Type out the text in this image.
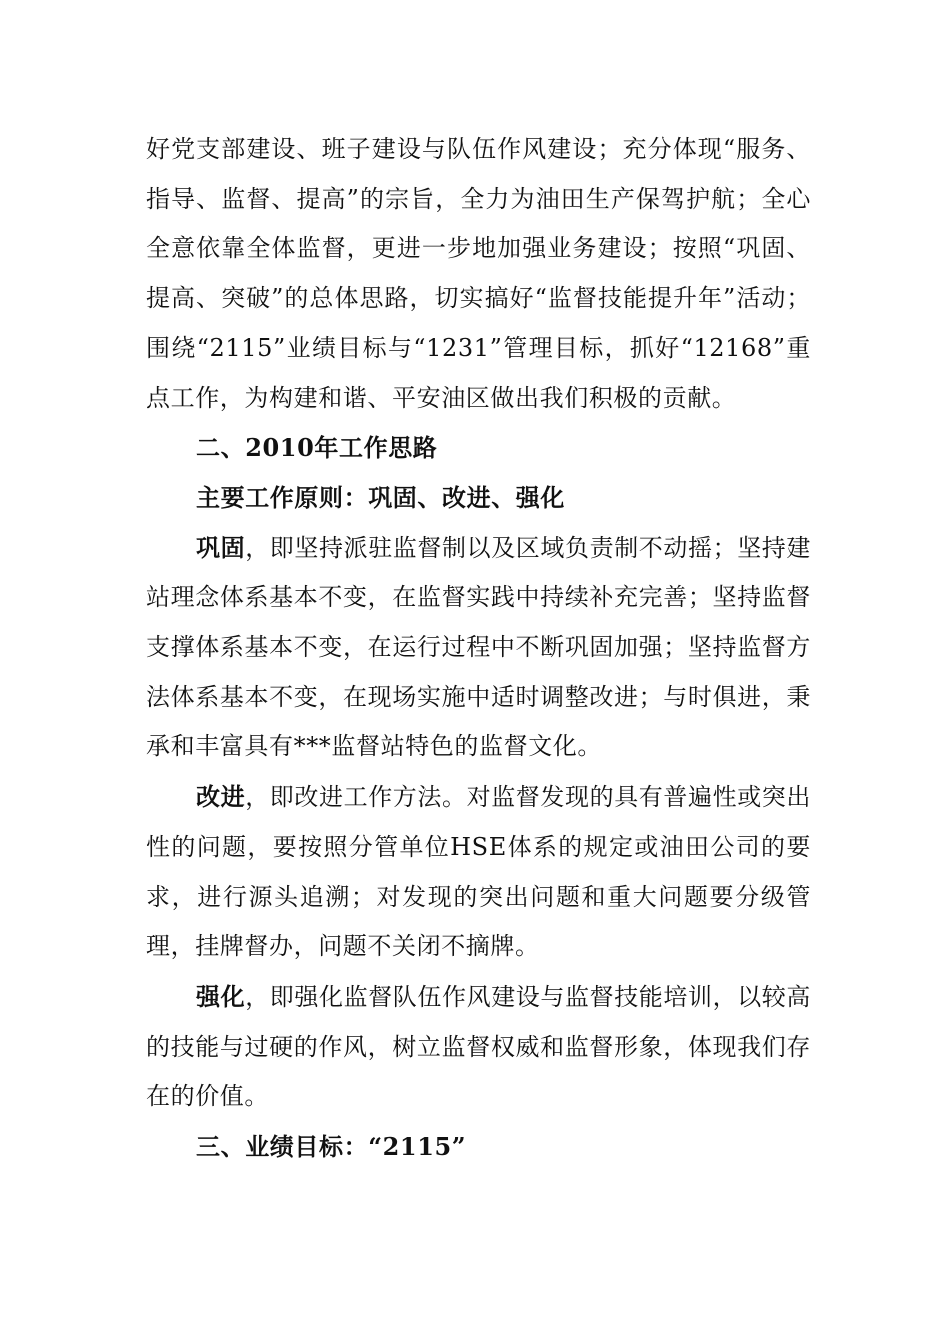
好党支部建设、班子建设与队伍作风建设；充分体现“服务、指导、监督、提高”的宗旨，全力为油田生产保驾护航；全心全意依靠全体监督，更进一步地加强业务建设；按照“巩固、提高、突破”的总体思路，切实搞好“监督技能提升年”活动；围绕“2115”业绩目标与“1231”管理目标，抓好“12168”重点工作，为构建和谐、平安油区做出我们积极的贡献。

二、2010年工作思路

主要工作原则：巩固、改进、强化

巩固，即坚持派驻监督制以及区域负责制不动摇；坚持建站理念体系基本不变，在监督实践中持续补充完善；坚持监督支撑体系基本不变，在运行过程中不断巩固加强；坚持监督方法体系基本不变，在现场实施中适时调整改进；与时俱进，秉承和丰富具有***监督站特色的监督文化。

改进，即改进工作方法。对监督发现的具有普遍性或突出性的问题，要按照分管单位HSE体系的规定或油田公司的要求，进行源头追溯；对发现的突出问题和重大问题要分级管理，挂牌督办，问题不关闭不摘牌。

强化，即强化监督队伍作风建设与监督技能培训，以较高的技能与过硬的作风，树立监督权威和监督形象，体现我们存在的价值。

三、业绩目标：“2115”
